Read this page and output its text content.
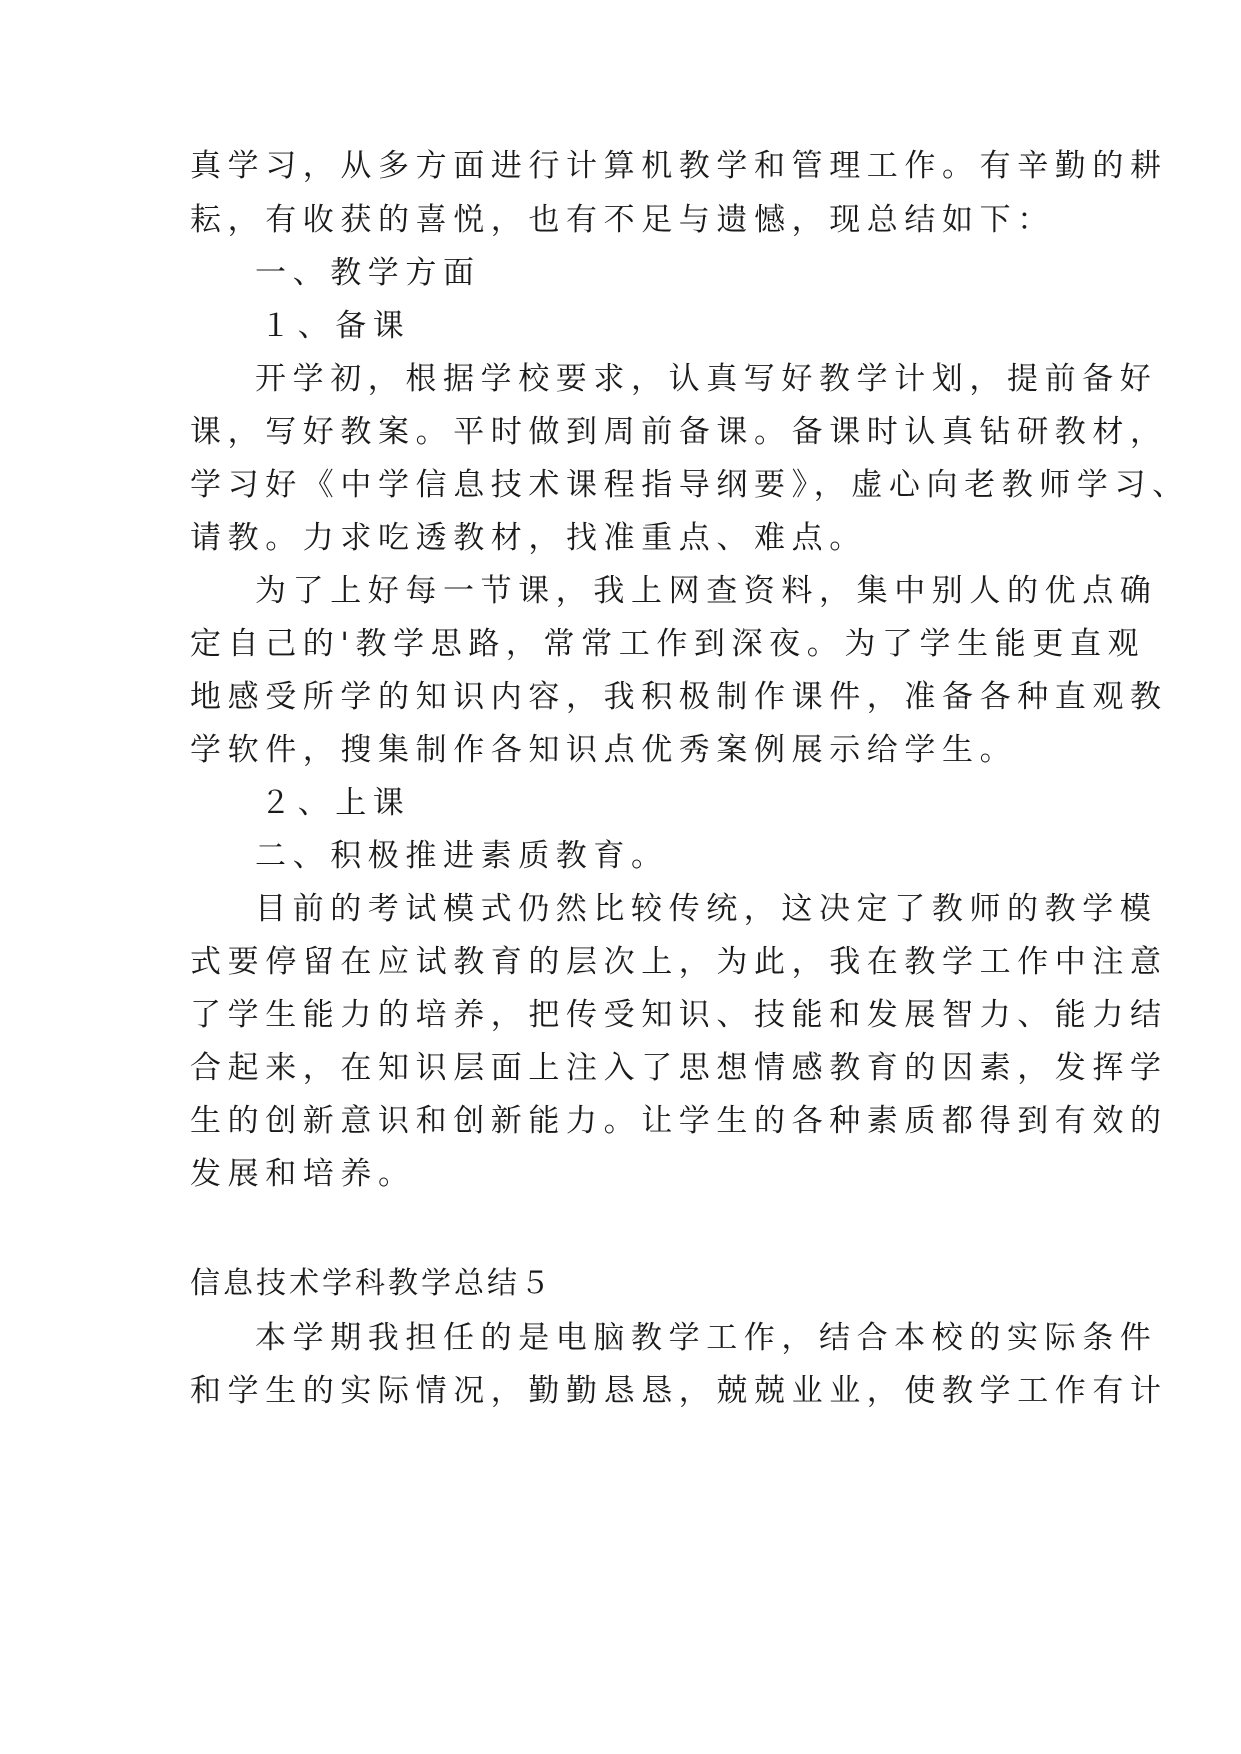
真学习，从多方面进行计算机教学和管理工作。有辛勤的耕
耘，有收获的喜悦，也有不足与遗憾，现总结如下：
一、教学方面
１、备课
开学初，根据学校要求，认真写好教学计划，提前备好
课，写好教案。平时做到周前备课。备课时认真钻研教材，
学习好《中学信息技术课程指导纲要》，虚心向老教师学习、
请教。力求吃透教材，找准重点、难点。
为了上好每一节课，我上网查资料，集中别人的优点确
定自己的'教学思路，常常工作到深夜。为了学生能更直观
地感受所学的知识内容，我积极制作课件，准备各种直观教
学软件，搜集制作各知识点优秀案例展示给学生。
２、上课
二、积极推进素质教育。
目前的考试模式仍然比较传统，这决定了教师的教学模
式要停留在应试教育的层次上，为此，我在教学工作中注意
了学生能力的培养，把传受知识、技能和发展智力、能力结
合起来，在知识层面上注入了思想情感教育的因素，发挥学
生的创新意识和创新能力。让学生的各种素质都得到有效的
发展和培养。
信息技术学科教学总结５
本学期我担任的是电脑教学工作，结合本校的实际条件
和学生的实际情况，勤勤恳恳，兢兢业业，使教学工作有计
